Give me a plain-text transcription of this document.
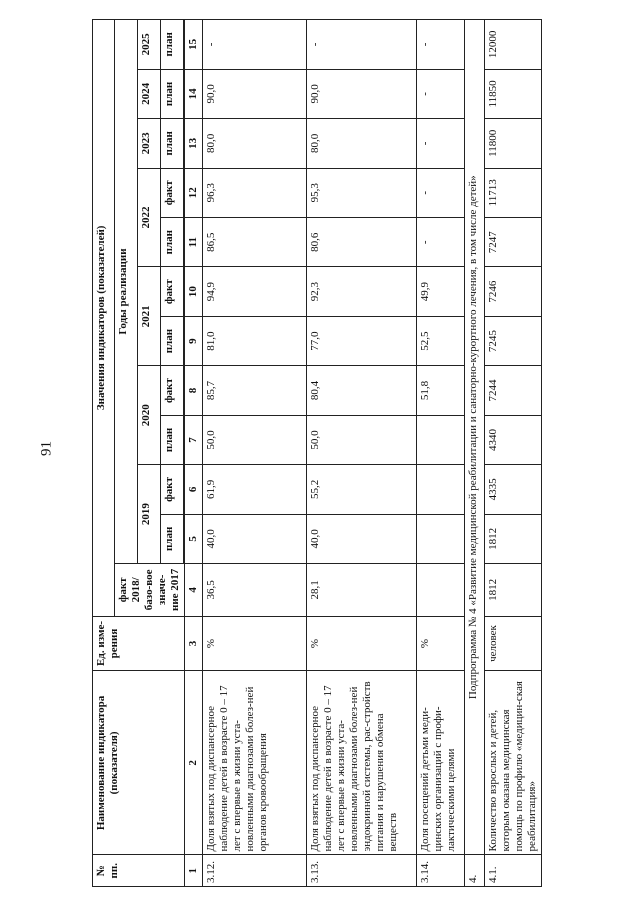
91
№ пп.	Наименование индикатора (показателя)	Ед. изме-рения	Значения индикаторов (показателей)											
			факт 2018/базо-вое значе-ние 2017	Годы реализации										
				2019		2020		2021		2022		2023	2024	2025
				план	факт	план	факт	план	факт	план	факт	план	план	план

1	2	3	4	5	6	7	8	9	10	11	12	13	14	15
3.12.	Доля взятых под диспансерное наблюдение детей в возрасте 0 – 17 лет с впервые в жизни уста-новленными диагнозами болез-ней органов кровообращения	%	36,5	40,0	61,9	50,0	85,7	81,0	94,9	86,5	96,3	80,0	90,0	-
3.13.	Доля взятых под диспансерное наблюдение детей в возрасте 0 – 17 лет с впервые в жизни уста-новленными диагнозами болез-ней эндокринной системы, рас-стройств питания и нарушения обмена веществ	%	28,1	40,0	55,2	50,0	80,4	77,0	92,3	80,6	95,3	80,0	90,0	-
3.14.	Доля посещений детьми меди-цинских организаций с профи-лактическими целями	%					51,8	52,5	49,9	-	-	-	-	-
4.	Подпрограмма № 4 «Развитие медицинской реабилитации и санаторно-курортного лечения, в том числе детей»													
4.1.	Количество взрослых и детей, которым оказана медицинская помощь по профилю «медицин-ская реабилитация»	человек	1812	1812	4335	4340	7244	7245	7246	7247	11713	11800	11850	12000
